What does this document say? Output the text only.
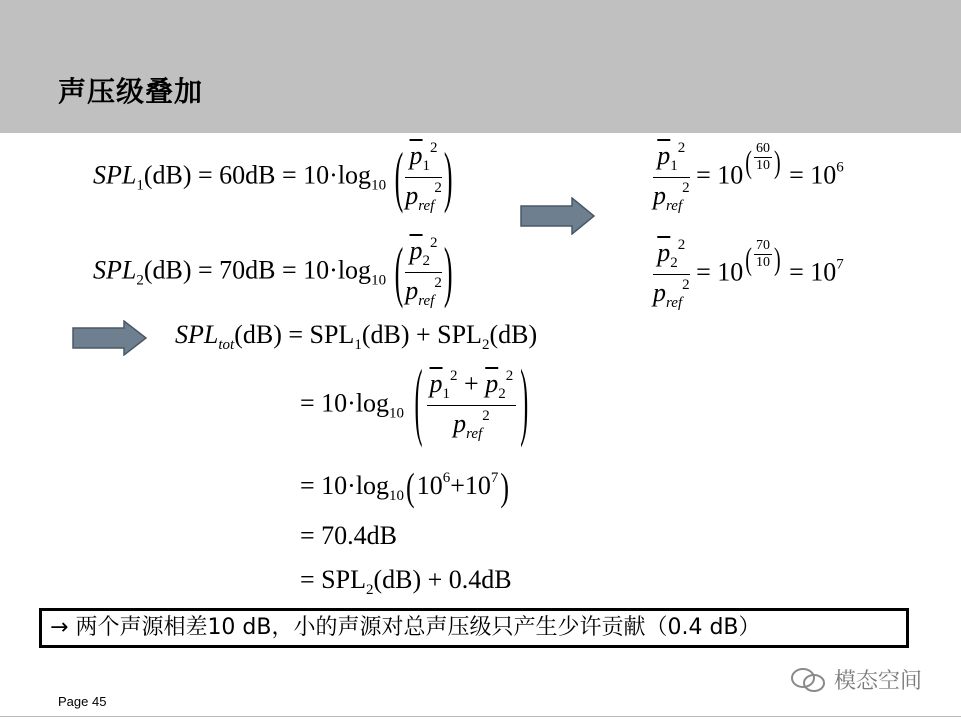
声压级叠加
$SPL_1(dB) = 60dB = 10\cdot\log_{10}$ ( $\frac{\overline{p}_1^2}{p_{ref}^2}$ )
$SPL_2(dB) = 70dB = 10\cdot\log_{10}$ ( $\frac{\overline{p}_2^2}{p_{ref}^2}$ )
$\frac{\overline{p}_1^2}{p_{ref}^2} = 10$ ( $\frac{60}{10}$ ) = $10^6$
$\frac{\overline{p}_2^2}{p_{ref}^2} = 10$ ( $\frac{70}{10}$ ) = $10^7$
$SPL_{tot}(dB) = SPL_1(dB) + SPL_2(dB)$
= $10\cdot\log_{10}$ ( $\frac{\overline{p}_1^2 + \overline{p}_2^2}{p_{ref}^2}$ )
= $10\cdot\log_{10}(10^6+10^7)$
= 70.4dB
= $SPL_2(dB) + 0.4dB$
→ 两个声源相差10 dB，小的声源对总声压级只产生少许贡献（0.4 dB）
模态空间
Page 45
